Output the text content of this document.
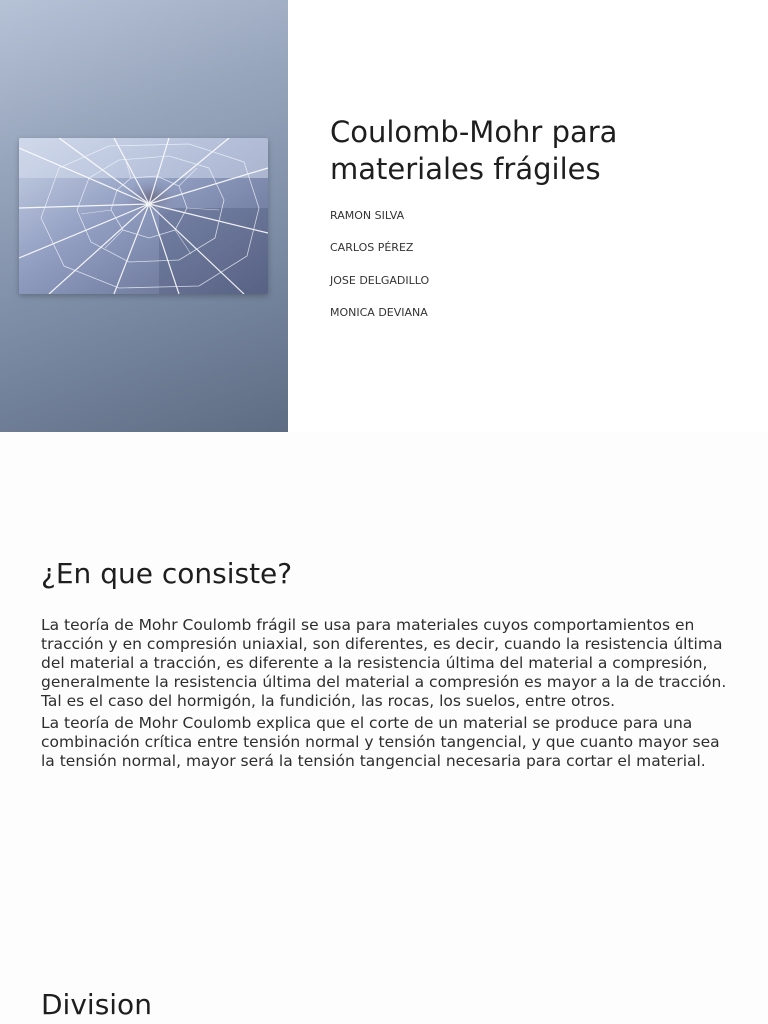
Coulomb-Mohr para materiales frágiles
RAMON SILVA
CARLOS PÉREZ
JOSE DELGADILLO
MONICA DEVIANA
¿En que consiste?

La teoría de Mohr Coulomb frágil se usa para materiales cuyos comportamientos en tracción y en compresión uniaxial, son diferentes, es decir, cuando la resistencia última del material a tracción, es diferente a la resistencia última del material a compresión, generalmente la resistencia última del material a compresión es mayor a la de tracción. Tal es el caso del hormigón, la fundición, las rocas, los suelos, entre otros.

La teoría de Mohr Coulomb explica que el corte de un material se produce para una combinación crítica entre tensión normal y tensión tangencial, y que cuanto mayor sea la tensión normal, mayor será la tensión tangencial necesaria para cortar el material.

Division
